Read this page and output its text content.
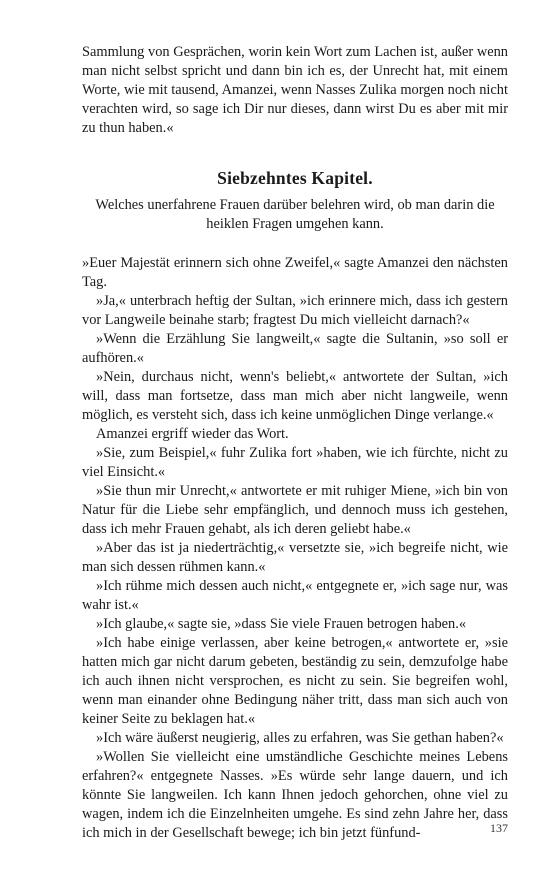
Sammlung von Gesprächen, worin kein Wort zum Lachen ist, außer wenn man nicht selbst spricht und dann bin ich es, der Unrecht hat, mit einem Worte, wie mit tausend, Amanzei, wenn Nasses Zulika morgen noch nicht verachten wird, so sage ich Dir nur dieses, dann wirst Du es aber mit mir zu thun haben.«

Siebzehntes Kapitel.

Welches unerfahrene Frauen darüber belehren wird, ob man darin die heiklen Fragen umgehen kann.

»Euer Majestät erinnern sich ohne Zweifel,« sagte Amanzei den nächsten Tag.

»Ja,« unterbrach heftig der Sultan, »ich erinnere mich, dass ich gestern vor Langweile beinahe starb; fragtest Du mich vielleicht darnach?«

»Wenn die Erzählung Sie langweilt,« sagte die Sultanin, »so soll er aufhören.«

»Nein, durchaus nicht, wenn's beliebt,« antwortete der Sultan, »ich will, dass man fortsetze, dass man mich aber nicht langweile, wenn möglich, es versteht sich, dass ich keine unmöglichen Dinge verlange.«

Amanzei ergriff wieder das Wort.

»Sie, zum Beispiel,« fuhr Zulika fort »haben, wie ich fürchte, nicht zu viel Einsicht.«

»Sie thun mir Unrecht,« antwortete er mit ruhiger Miene, »ich bin von Natur für die Liebe sehr empfänglich, und dennoch muss ich gestehen, dass ich mehr Frauen gehabt, als ich deren geliebt habe.«

»Aber das ist ja niederträchtig,« versetzte sie, »ich begreife nicht, wie man sich dessen rühmen kann.«

»Ich rühme mich dessen auch nicht,« entgegnete er, »ich sage nur, was wahr ist.«

»Ich glaube,« sagte sie, »dass Sie viele Frauen betrogen haben.«

»Ich habe einige verlassen, aber keine betrogen,« antwortete er, »sie hatten mich gar nicht darum gebeten, beständig zu sein, demzufolge habe ich auch ihnen nicht versprochen, es nicht zu sein. Sie begreifen wohl, wenn man einander ohne Bedingung näher tritt, dass man sich auch von keiner Seite zu beklagen hat.«

»Ich wäre äußerst neugierig, alles zu erfahren, was Sie gethan haben?«

»Wollen Sie vielleicht eine umständliche Geschichte meines Lebens erfahren?« entgegnete Nasses. »Es würde sehr lange dauern, und ich könnte Sie langweilen. Ich kann Ihnen jedoch gehorchen, ohne viel zu wagen, indem ich die Einzelnheiten umgehe. Es sind zehn Jahre her, dass ich mich in der Gesellschaft bewege; ich bin jetzt fünfund-	137
